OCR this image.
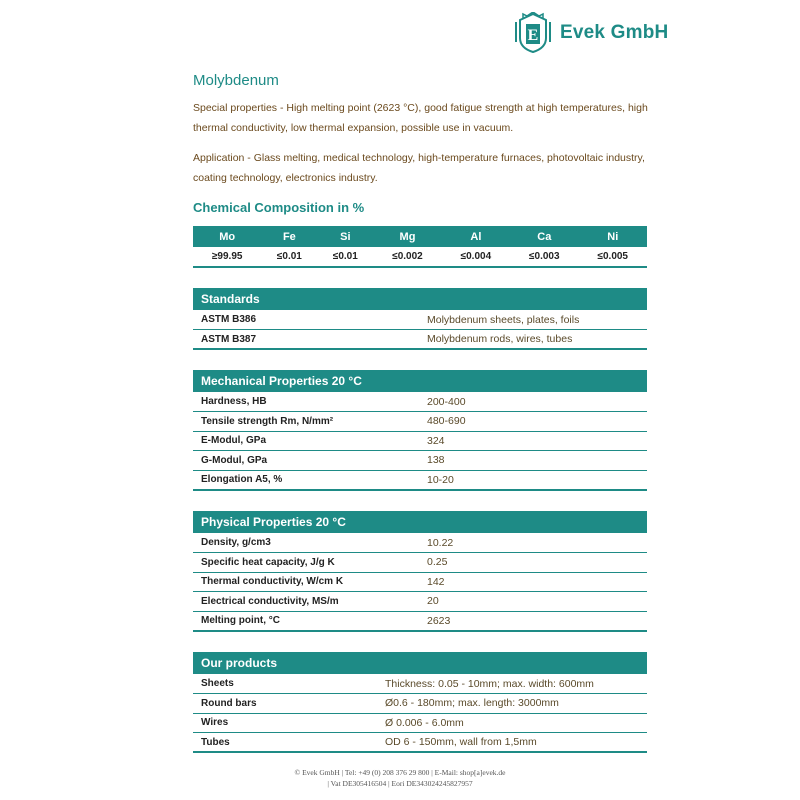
E Evek GmbH
Molybdenum
Special properties - High melting point (2623 °C), good fatigue strength at high temperatures, high thermal conductivity, low thermal expansion, possible use in vacuum.
Application - Glass melting, medical technology, high-temperature furnaces, photovoltaic industry, coating technology, electronics industry.
Chemical Composition in %
Mo	Fe	Si	Mg	Al	Ca	Ni
≥99.95	≤0.01	≤0.01	≤0.002	≤0.004	≤0.003	≤0.005
Standards	
ASTM B386	Molybdenum sheets, plates, foils
ASTM B387	Molybdenum rods, wires, tubes
Mechanical Properties 20 °C	
Hardness, HB	200-400
Tensile strength Rm, N/mm²	480-690
E-Modul, GPa	324
G-Modul, GPa	138
Elongation A5, %	10-20
Physical Properties 20 °C	
Density, g/cm3	10.22
Specific heat capacity, J/g K	0.25
Thermal conductivity, W/cm K	142
Electrical conductivity, MS/m	20
Melting point, °C	2623
Our products	
Sheets	Thickness: 0.05 - 10mm; max. width: 600mm
Round bars	Ø0.6 - 180mm; max. length: 3000mm
Wires	Ø 0.006 - 6.0mm
Tubes	OD 6 - 150mm, wall from 1,5mm
© Evek GmbH | Tel: +49 (0) 208 376 29 800 | E-Mail: shop[a]evek.de
| Vat DE305416504 | Eori DE343024245827957
